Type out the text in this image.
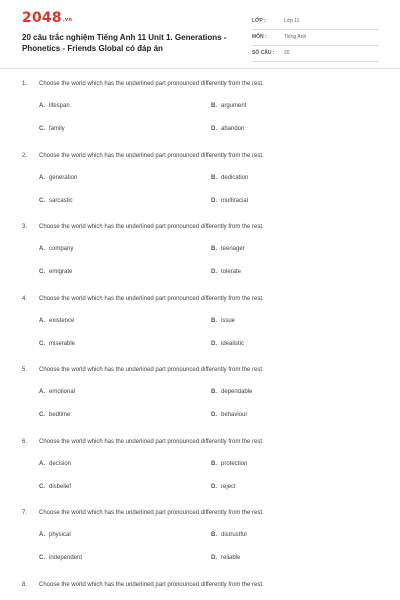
2048.vn
20 câu trắc nghiệm Tiếng Anh 11 Unit 1. Generations - Phonetics - Friends Global có đáp án
LỚP :	Lớp 11
MÔN :	Tiếng Anh
SỐ CÂU : 20
1. Choose the world which has the underlined part pronounced differently from the rest.
A. lifespan	B. argument
C. family	D. abandon
2. Choose the world which has the underlined part pronounced differently from the rest.
A. generation	B. dedication
C. sarcastic	D. multiracial
3. Choose the world which has the underlined part pronounced differently from the rest.
A. company	B. teenager
C. emigrate	D. tolerate
4. Choose the world which has the underlined part pronounced differently from the rest.
A. existence	B. issue
C. miserable	D. idealistic
5. Choose the world which has the underlined part pronounced differently from the rest.
A. emotional	B. dependable
C. bedtime	D. behaviour
6. Choose the world which has the underlined part pronounced differently from the rest.
A. decision	B. protection
C. disbelief	D. reject
7. Choose the world which has the underlined part pronounced differently from the rest.
A. physical	B. distrustful
C. independent	D. reliable
8. Choose the world which has the underlined part pronounced differently from the rest.
